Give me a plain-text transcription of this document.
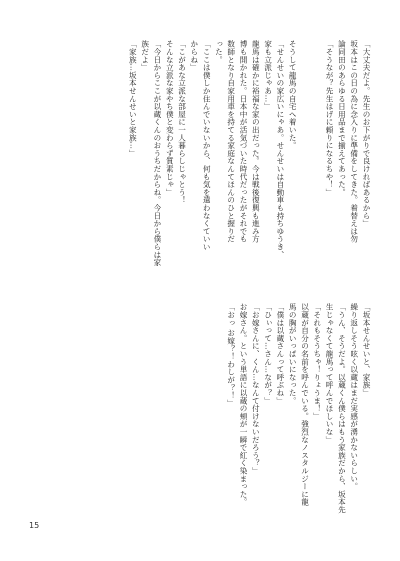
「大丈夫だよ。先生のお下がりで良ければあるから」
坂本はこの日の為に念入りに準備をしてきた。着替えは勿
論同田のあらゆる日用品まで揃えてあった。
「そうなが？先生はげに頼りになるちや！」
そうして龍馬の自宅へ着いた。
「せんせいの家広いにゃあ。せんせいは自動車も持ちゆうき、
家も立派じゃあ…」
龍馬は確かに裕福な家の出だった。今は戦後復興も進み方
博も開かれた。日本中が活気づいた時代だったがそれでも
数師となり自家用車を持てる家庭なんてほんのひと握りだ
った。
「ここは僕しか住んでいないから、何も気を遣わなくていい
からね」
「こがあな立派な部屋に一人暮らしじゃとう！
そんな立派な家やち僕と変わらず質素じゃ」
「今日からここが以蔵くんのおうちだからね。今日から僕らは家
族だよ」
「家族…坂本せんせいと家族…」
「坂本せんせいと、家族」
繰り返しそう呟く以蔵はまだ実感が湧かないらしい。
「うん、そうだよ。以蔵くん僕らはもう家族だから、坂本先
生じゃなくて龍馬って呼んでほしいな」
「それもそうちゃ！りょうま！」
以蔵が自分の名前を呼んでいる。強烈なノスタルジーに龍
馬の胸がいっぱいになった。
「僕は以蔵さんって呼ぶね」
「ひぃって…さん…なが？」
「お嫁さんに、くん…なんて付けないだろう？」
お嫁さん。という単語に以蔵の頬が一瞬で紅く染まった。
「おっ お嫁？！わしが？！」
15
